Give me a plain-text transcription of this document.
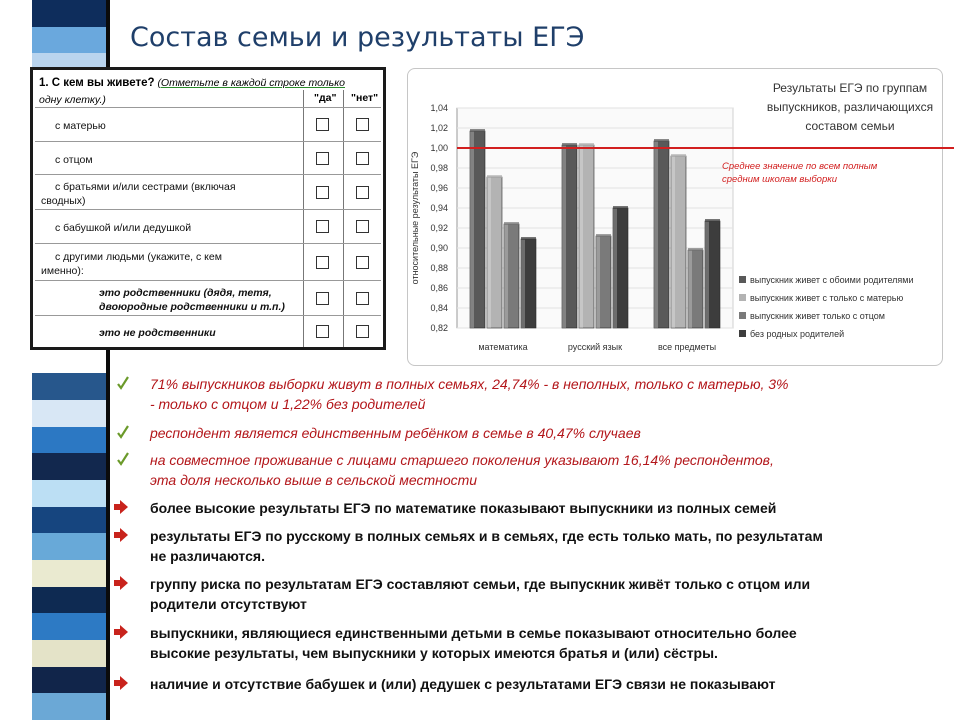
Состав семьи и результаты ЕГЭ
1. С кем вы живете? (Отметьте в каждой строке только
одну клетку.)	"да" "нет"
с матерью
с отцом
с братьями и/или сестрами (включая
сводных)
с бабушкой и/или дедушкой
с другими людьми (укажите, с кем
именно):
это родственники (дядя, тетя,
двоюродные родственники и т.п.)
это не родственники
1,04
1,02
1,00
0,98
0,96
0,94
0,92
0,90
0,88
0,86
0,84
0,82
относительные результаты ЕГЭ
математика	русский язык	все предметы
Результаты ЕГЭ по группам
выпускников, различающихся
составом семьи
Среднее значение по всем полным
средним школам выборки
выпускник живет с обоими родителями
выпускник живет с только с матерью
выпускник живет только с отцом
без родных родителей
71% выпускников выборки живут в полных семьях, 24,74% - в неполных, только с матерью, 3%
- только с отцом и 1,22% без родителей
респондент является единственным ребёнком в семье в 40,47% случаев
на совместное проживание с лицами старшего поколения указывают 16,14% респондентов,
эта доля несколько выше в сельской местности
более высокие результаты ЕГЭ по математике показывают выпускники из полных семей
результаты ЕГЭ по русскому в полных семьях и в семьях, где есть только мать, по результатам
не различаются.
группу риска по результатам ЕГЭ составляют семьи, где выпускник живёт только с отцом или
родители отсутствуют
выпускники, являющиеся единственными детьми в семье показывают относительно более
высокие результаты, чем выпускники у которых имеются братья и (или) сёстры.
наличие и отсутствие бабушек и (или) дедушек с результатами ЕГЭ связи не показывают
